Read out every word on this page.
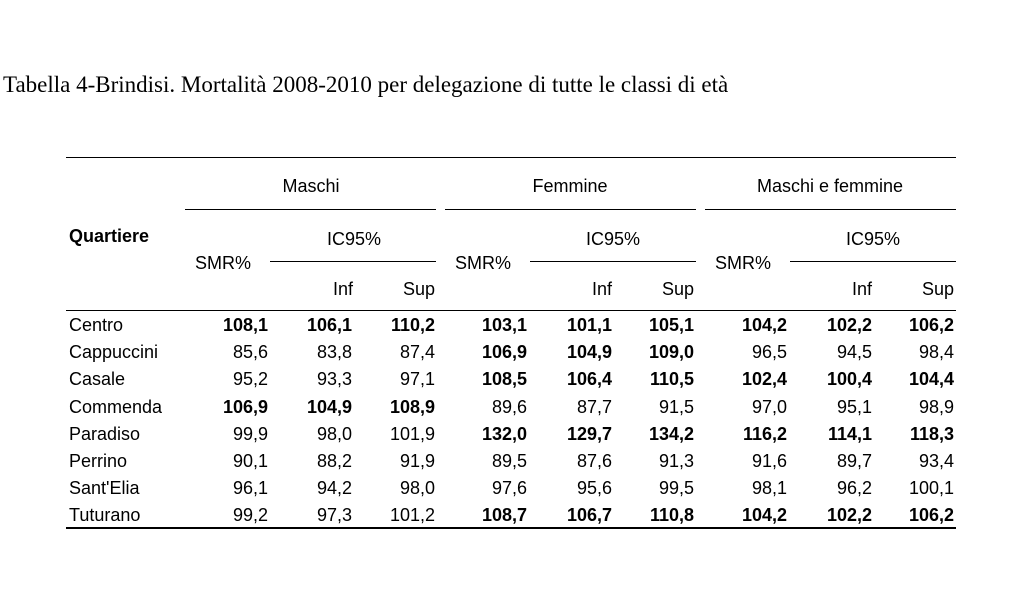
Tabella 4-Brindisi. Mortalità 2008-2010 per delegazione di tutte le classi di età
Quartiere
Maschi	Femmine	Maschi e femmine
SMR%	SMR%	SMR%
IC95%	IC95%	IC95%
Inf	Sup	Inf	Sup	Inf	Sup
Centro	108,1 106,1 110,2	103,1 101,1 105,1	104,2 102,2 106,2
Cappuccini	85,6	83,8	87,4	106,9 104,9 109,0	96,5	94,5	98,4
Casale	95,2	93,3	97,1	108,5 106,4 110,5	102,4 100,4 104,4
Commenda	106,9 104,9 108,9	89,6	87,7	91,5	97,0	95,1	98,9
Paradiso	99,9	98,0 101,9	132,0 129,7 134,2	116,2 114,1 118,3
Perrino	90,1	88,2	91,9	89,5	87,6	91,3	91,6	89,7	93,4
Sant'Elia	96,1	94,2	98,0	97,6	95,6	99,5	98,1	96,2 100,1
Tuturano	99,2	97,3 101,2	108,7 106,7 110,8	104,2 102,2 106,2
